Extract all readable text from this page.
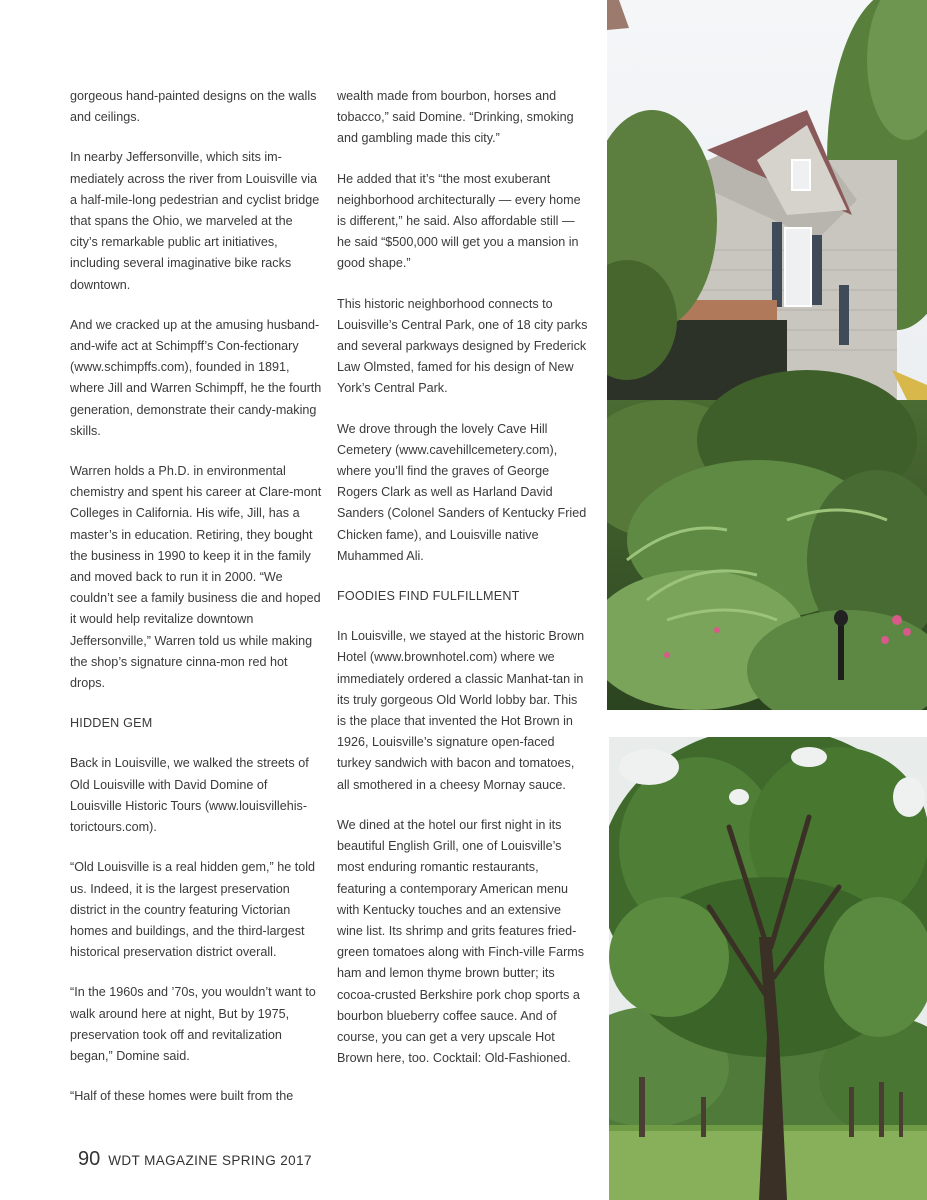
gorgeous hand-painted designs on the walls and ceilings.

In nearby Jeffersonville, which sits im-mediately across the river from Louisville via a half-mile-long pedestrian and cyclist bridge that spans the Ohio, we marveled at the city’s remarkable public art initiatives, including several imaginative bike racks downtown.

And we cracked up at the amusing husband-and-wife act at Schimpff’s Con-fectionary (www.schimpffs.com), founded in 1891, where Jill and Warren Schimpff, he the fourth generation, demonstrate their candy-making skills.

Warren holds a Ph.D. in environmental chemistry and spent his career at Clare-mont Colleges in California. His wife, Jill, has a master’s in education. Retiring, they bought the business in 1990 to keep it in the family and moved back to run it in 2000. “We couldn’t see a family business die and hoped it would help revitalize downtown Jeffersonville,” Warren told us while making the shop’s signature cinna-mon red hot drops.

HIDDEN GEM

Back in Louisville, we walked the streets of Old Louisville with David Domine of Louisville Historic Tours (www.louisvillehis-torictours.com).

“Old Louisville is a real hidden gem,” he told us. Indeed, it is the largest preservation district in the country featuring Victorian homes and buildings, and the third-largest historical preservation district overall.

“In the 1960s and ’70s, you wouldn’t want to walk around here at night, But by 1975, preservation took off and revitalization began,” Domine said.

“Half of these homes were built from the

wealth made from bourbon, horses and tobacco,” said Domine. “Drinking, smoking and gambling made this city.”

He added that it’s “the most exuberant neighborhood architecturally — every home is different,” he said. Also affordable still — he said “$500,000 will get you a mansion in good shape.”

This historic neighborhood connects to Louisville’s Central Park, one of 18 city parks and several parkways designed by Frederick Law Olmsted, famed for his design of New York’s Central Park.

We drove through the lovely Cave Hill Cemetery (www.cavehillcemetery.com), where you’ll find the graves of George Rogers Clark as well as Harland David Sanders (Colonel Sanders of Kentucky Fried Chicken fame), and Louisville native Muhammed Ali.

FOODIES FIND FULFILLMENT

In Louisville, we stayed at the historic Brown Hotel (www.brownhotel.com) where we immediately ordered a classic Manhat-tan in its truly gorgeous Old World lobby bar. This is the place that invented the Hot Brown in 1926, Louisville’s signature open-faced turkey sandwich with bacon and tomatoes, all smothered in a cheesy Mornay sauce.

We dined at the hotel our first night in its beautiful English Grill, one of Louisville’s most enduring romantic restaurants, featuring a contemporary American menu with Kentucky touches and an extensive wine list. Its shrimp and grits features fried-green tomatoes along with Finch-ville Farms ham and lemon thyme brown butter; its cocoa-crusted Berkshire pork chop sports a bourbon blueberry coffee sauce. And of course, you can get a very upscale Hot Brown here, too. Cocktail: Old-Fashioned.

90 WDT MAGAZINE SPRING 2017
